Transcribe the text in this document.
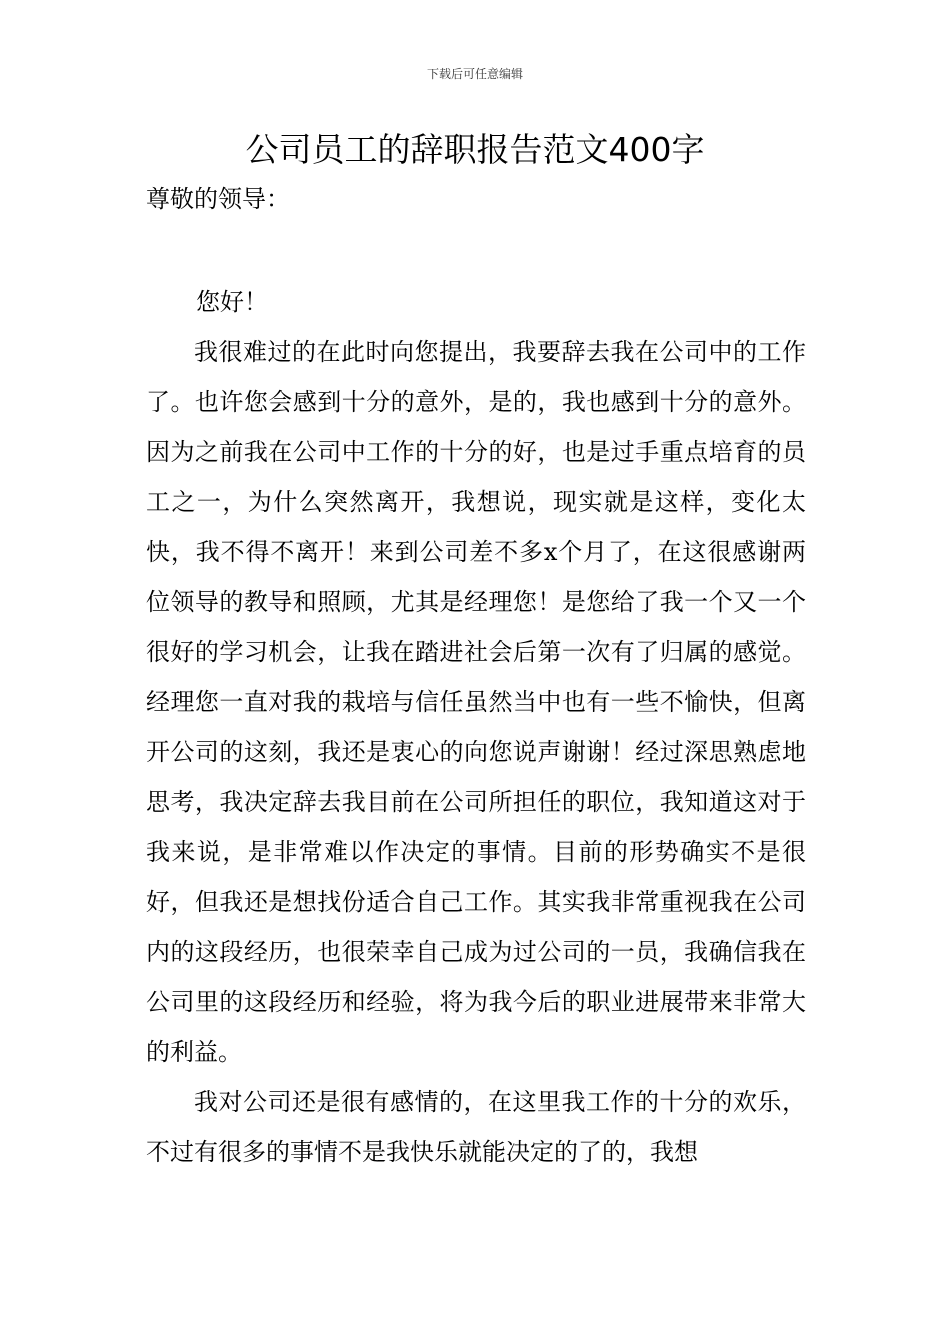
下载后可任意编辑
公司员工的辞职报告范文400字
尊敬的领导：

您好！

我很难过的在此时向您提出，我要辞去我在公司中的工作了。也许您会感到十分的意外，是的，我也感到十分的意外。因为之前我在公司中工作的十分的好，也是过手重点培育的员工之一，为什么突然离开，我想说，现实就是这样，变化太快，我不得不离开！来到公司差不多x个月了，在这很感谢两位领导的教导和照顾，尤其是经理您！是您给了我一个又一个很好的学习机会，让我在踏进社会后第一次有了归属的感觉。经理您一直对我的栽培与信任虽然当中也有一些不愉快，但离开公司的这刻，我还是衷心的向您说声谢谢！经过深思熟虑地思考，我决定辞去我目前在公司所担任的职位，我知道这对于我来说，是非常难以作决定的事情。目前的形势确实不是很好，但我还是想找份适合自己工作。其实我非常重视我在公司内的这段经历，也很荣幸自己成为过公司的一员，我确信我在公司里的这段经历和经验，将为我今后的职业进展带来非常大的利益。

我对公司还是很有感情的，在这里我工作的十分的欢乐，不过有很多的事情不是我快乐就能决定的了的，我想
